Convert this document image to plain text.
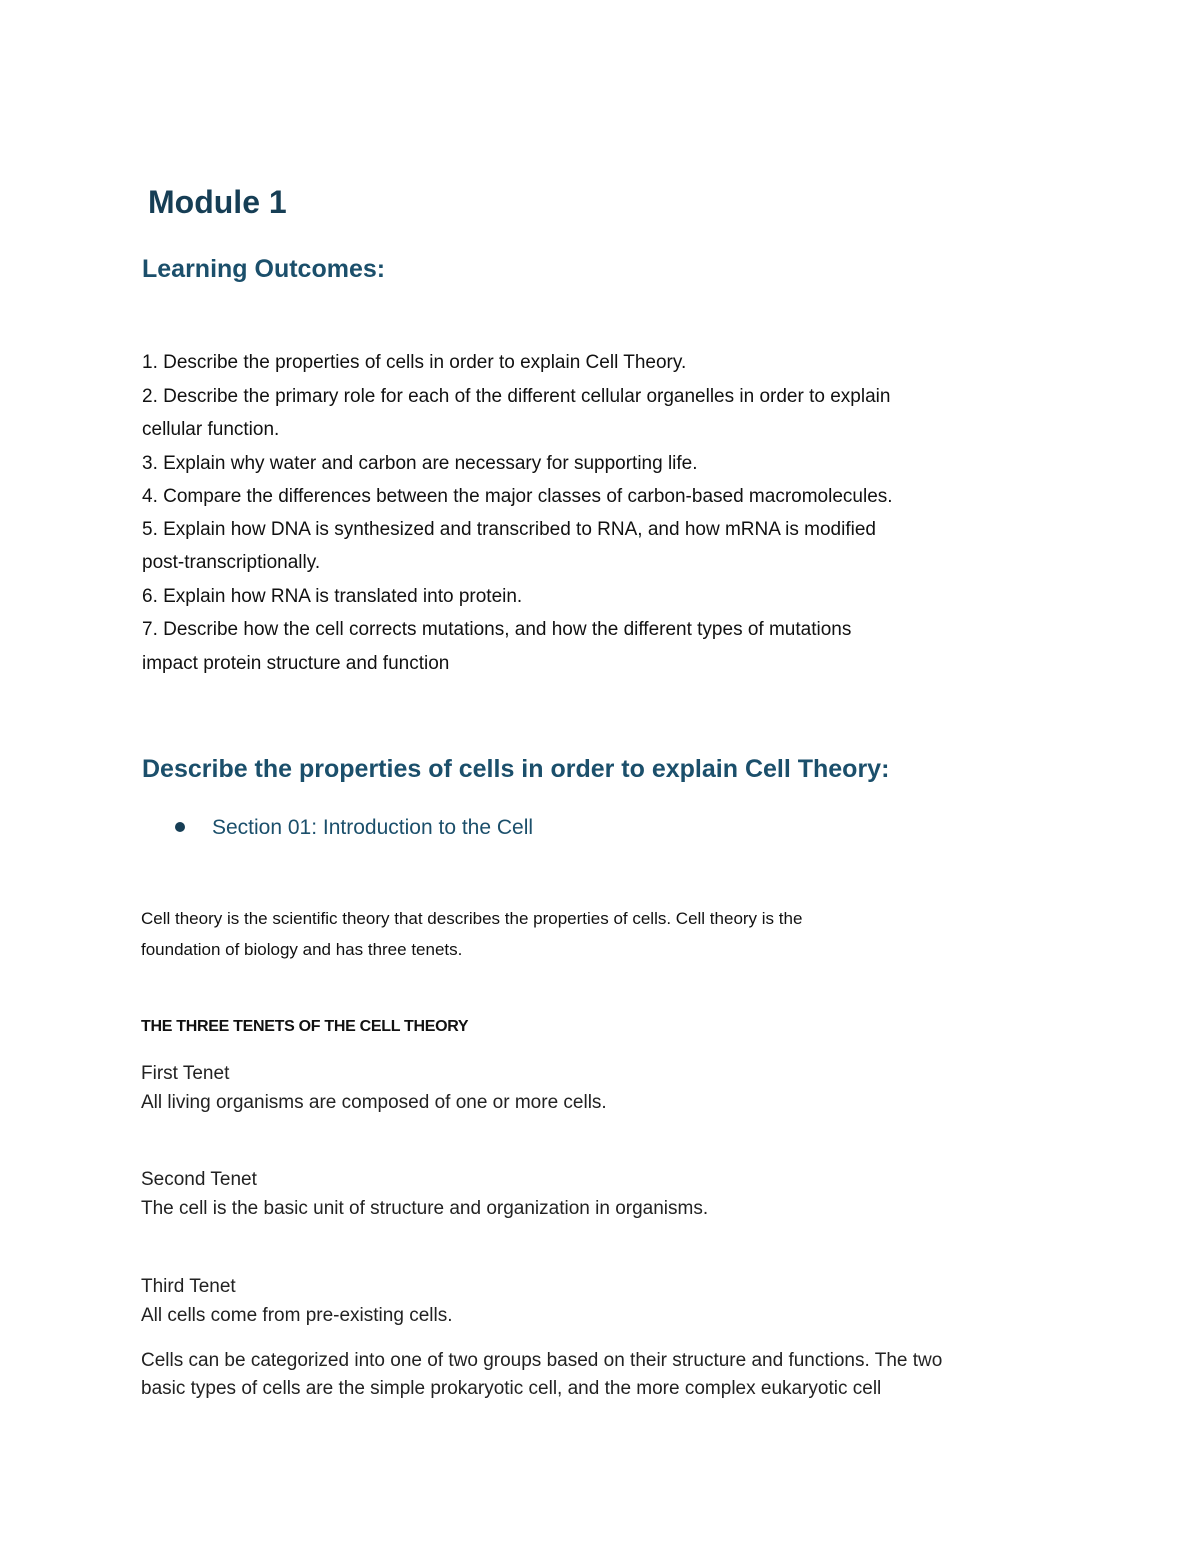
Module 1
Learning Outcomes:

1. Describe the properties of cells in order to explain Cell Theory.

2. Describe the primary role for each of the different cellular organelles in order to explain

cellular function.

3. Explain why water and carbon are necessary for supporting life.

4. Compare the differences between the major classes of carbon-based macromolecules.

5. Explain how DNA is synthesized and transcribed to RNA, and how mRNA is modified

post-transcriptionally.

6. Explain how RNA is translated into protein.

7. Describe how the cell corrects mutations, and how the different types of mutations

impact protein structure and function

Describe the properties of cells in order to explain Cell Theory:
Section 01: Introduction to the Cell

Cell theory is the scientific theory that describes the properties of cells. Cell theory is the

foundation of biology and has three tenets.

THE THREE TENETS OF THE CELL THEORY

First Tenet

All living organisms are composed of one or more cells.

Second Tenet

The cell is the basic unit of structure and organization in organisms.

Third Tenet

All cells come from pre-existing cells.

Cells can be categorized into one of two groups based on their structure and functions. The two

basic types of cells are the simple prokaryotic cell, and the more complex eukaryotic cell
